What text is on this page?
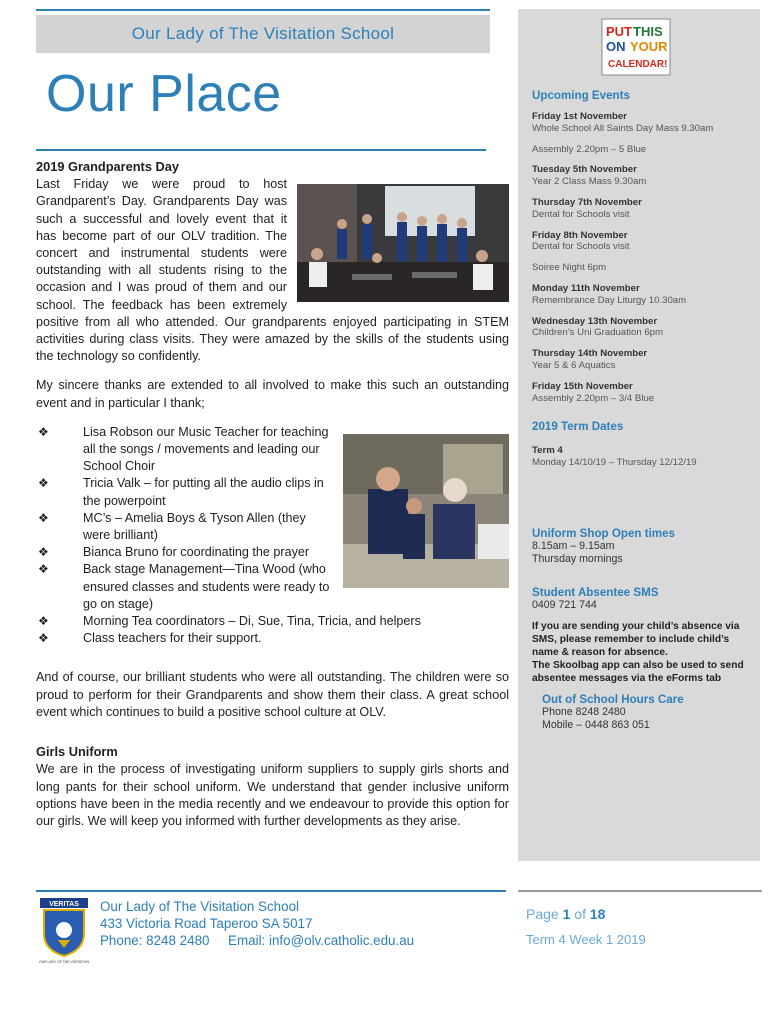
Our Lady of The Visitation School
Our Place
2019 Grandparents Day

Last Friday we were proud to host Grandparent’s Day. Grandparents Day was such a successful and lovely event that it has become part of our OLV tradition. The concert and instrumental students were outstanding with all students rising to the occasion and I was proud of them and our school. The feedback has been extremely positive from all who attended. Our grandparents enjoyed participating in STEM activities during class visits. They were amazed by the skills of the students using the technology so confidently.

My sincere thanks are extended to all involved to make this such an outstanding event and in particular I thank;

❖	Lisa Robson our Music Teacher for teaching all the songs / movements and leading our School Choir
❖	Tricia Valk – for putting all the audio clips in the powerpoint
❖	MC’s – Amelia Boys & Tyson Allen (they were brilliant)
❖	Bianca Bruno for coordinating the prayer
❖	Back stage Management—Tina Wood (who ensured classes and students were ready to go on stage)
❖	Morning Tea coordinators – Di, Sue, Tina, Tricia, and helpers
❖	Class teachers for their support.

And of course, our brilliant students who were all outstanding. The children were so proud to perform for their Grandparents and show them their class. A great school event which continues to build a positive school culture at OLV.

Girls Uniform

We are in the process of investigating uniform suppliers to supply girls shorts and long pants for their school uniform. We understand that gender inclusive uniform options have been in the media recently and we endeavour to provide this option for our girls. We will keep you informed with further developments as they arise.

PUT THIS
ON YOUR
CALENDAR!
Upcoming Events
Friday 1st November
Whole School All Saints Day Mass 9.30am
Assembly 2.20pm – 5 Blue
Tuesday 5th November
Year 2 Class Mass 9.30am
Thursday 7th November
Dental for Schools visit
Friday 8th November
Dental for Schools visit
Soiree Night 6pm
Monday 11th November
Remembrance Day Liturgy 10.30am
Wednesday 13th November
Children’s Uni Graduation 6pm
Thursday 14th November
Year 5 & 6 Aquatics
Friday 15th November
Assembly 2.20pm – 3/4 Blue
2019 Term Dates
Term 4
Monday 14/10/19 – Thursday 12/12/19
Uniform Shop Open times
8.15am – 9.15am
Thursday mornings
Student Absentee SMS
0409 721 744
If you are sending your child’s absence via SMS, please remember to include child’s name & reason for absence.
The Skoolbag app can also be used to send absentee messages via the eForms tab
Out of School Hours Care
Phone 8248 2480
Mobile – 0448 863 051
VERITAS
OUR LADY OF THE VISITATION
Our Lady of The Visitation School
433 Victoria Road Taperoo SA 5017
Phone: 8248 2480     Email: info@olv.catholic.edu.au
Page 1 of 18
Term 4 Week 1 2019
